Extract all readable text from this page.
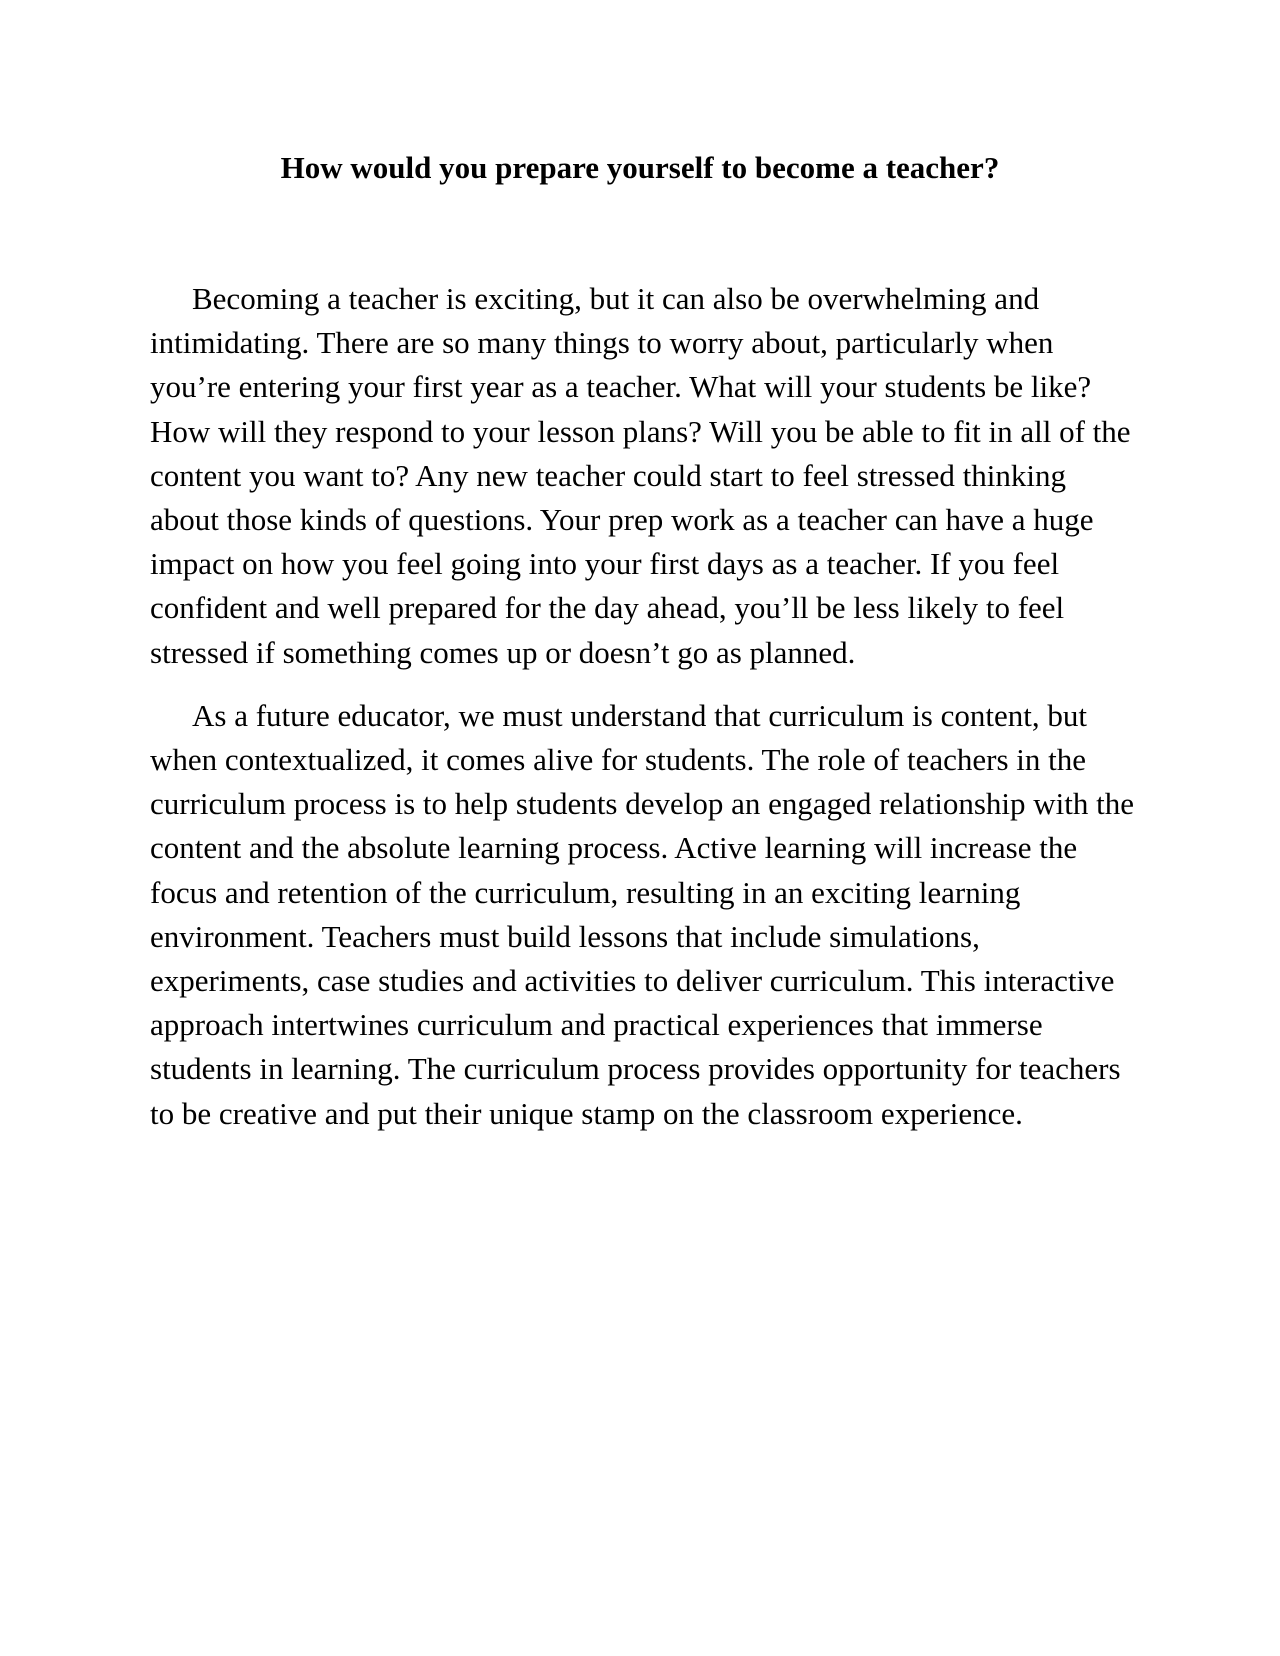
How would you prepare yourself to become a teacher?

Becoming a teacher is exciting, but it can also be overwhelming and intimidating. There are so many things to worry about, particularly when you’re entering your first year as a teacher. What will your students be like? How will they respond to your lesson plans? Will you be able to fit in all of the content you want to? Any new teacher could start to feel stressed thinking about those kinds of questions. Your prep work as a teacher can have a huge impact on how you feel going into your first days as a teacher. If you feel confident and well prepared for the day ahead, you’ll be less likely to feel stressed if something comes up or doesn’t go as planned.

As a future educator, we must understand that curriculum is content, but when contextualized, it comes alive for students. The role of teachers in the curriculum process is to help students develop an engaged relationship with the content and the absolute learning process. Active learning will increase the focus and retention of the curriculum, resulting in an exciting learning environment. Teachers must build lessons that include simulations, experiments, case studies and activities to deliver curriculum. This interactive approach intertwines curriculum and practical experiences that immerse students in learning. The curriculum process provides opportunity for teachers to be creative and put their unique stamp on the classroom experience.
